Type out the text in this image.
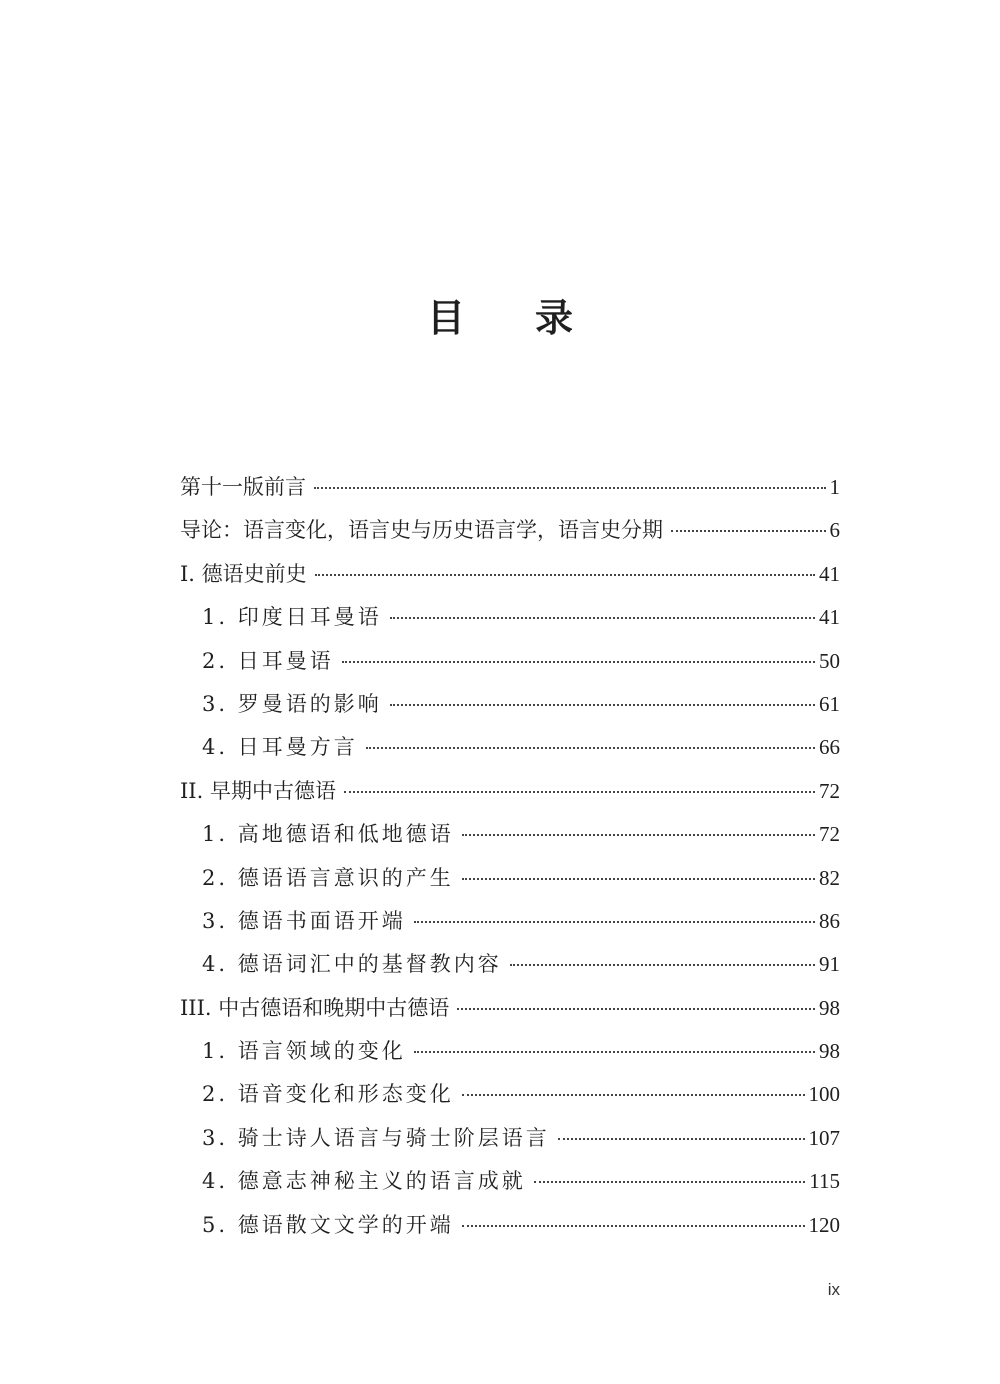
目录
第十一版前言	1
导论：语言变化，语言史与历史语言学，语言史分期	6
I. 德语史前史	41
1. 印度日耳曼语	41
2. 日耳曼语	50
3. 罗曼语的影响	61
4. 日耳曼方言	66
II. 早期中古德语	72
1. 高地德语和低地德语	72
2. 德语语言意识的产生	82
3. 德语书面语开端	86
4. 德语词汇中的基督教内容	91
III. 中古德语和晚期中古德语	98
1. 语言领域的变化	98
2. 语音变化和形态变化	100
3. 骑士诗人语言与骑士阶层语言	107
4. 德意志神秘主义的语言成就	115
5. 德语散文文学的开端	120
ix
